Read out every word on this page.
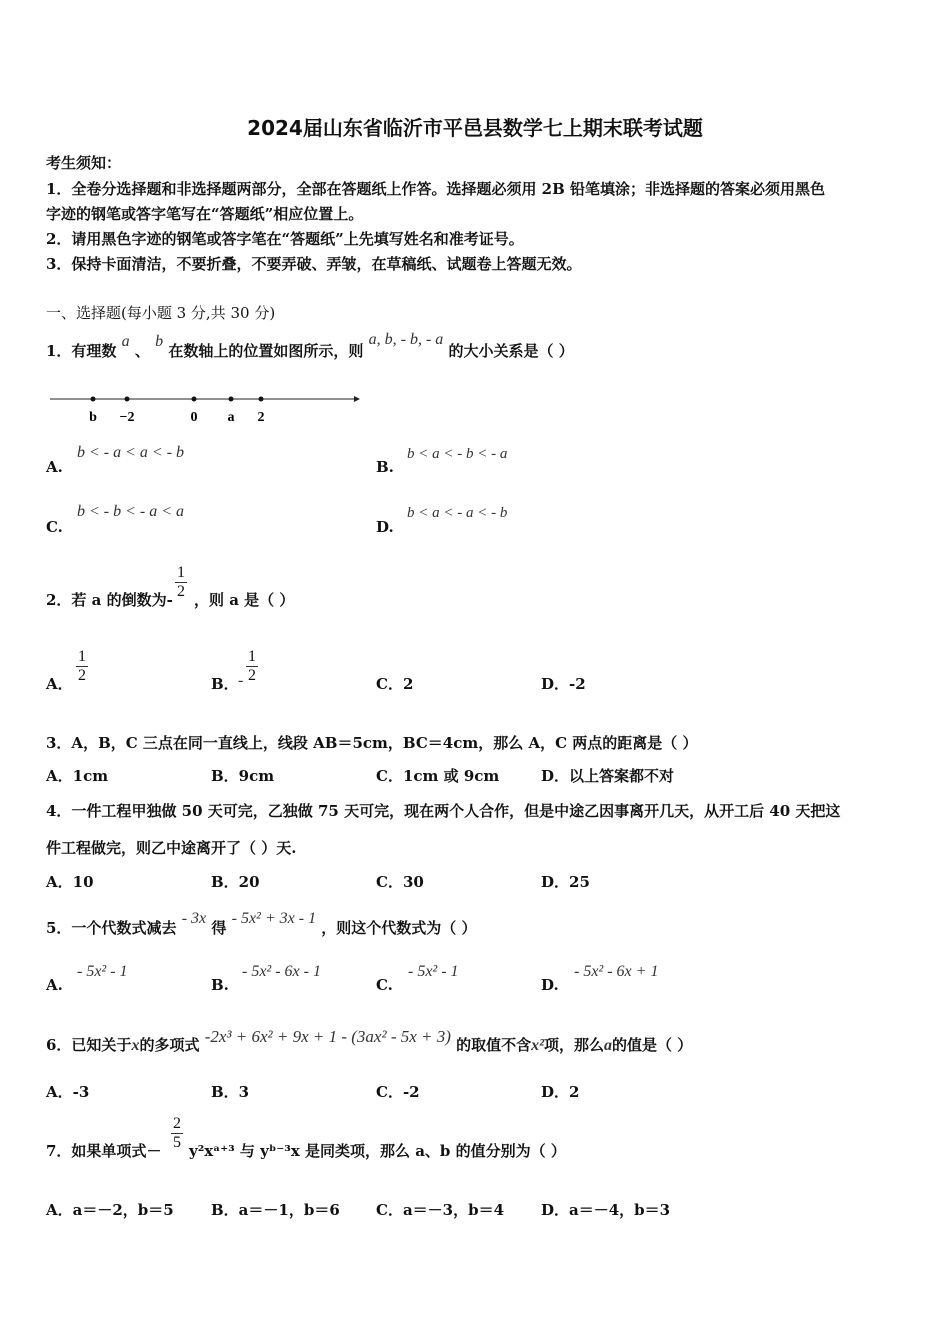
2024届山东省临沂市平邑县数学七上期末联考试题
考生须知：
1．全卷分选择题和非选择题两部分，全部在答题纸上作答。选择题必须用 2B 铅笔填涂；非选择题的答案必须用黑色
字迹的钢笔或答字笔写在“答题纸”相应位置上。
2．请用黑色字迹的钢笔或答字笔在“答题纸”上先填写姓名和准考证号。
3．保持卡面清洁，不要折叠，不要弄破、弄皱，在草稿纸、试题卷上答题无效。
一、选择题(每小题 3 分,共 30 分)
1．有理数 a 、 b 在数轴上的位置如图所示，则 a, b, - b, - a 的大小关系是（ ）
b −2	0 a 2
A.
b < - a < a < - b
B.
b < a < - b < - a
C.
b < - b < - a < a
D.
b < a < - a < - b
2．若 a 的倒数为- $\frac{1}{2}$ ，则 a 是（ ）
A． $\frac{1}{2}$	B． - $\frac{1}{2}$	C．2	D．-2
3．A，B，C 三点在同一直线上，线段 AB＝5cm，BC＝4cm，那么 A，C 两点的距离是（ ）
A．1cm	B．9cm	C．1cm 或 9cm	D．以上答案都不对
4．一件工程甲独做 50 天可完，乙独做 75 天可完，现在两个人合作，但是中途乙因事离开几天，从开工后 40 天把这
件工程做完，则乙中途离开了（ ）天.
A．10	B．20	C．30	D．25
5．一个代数式减去 - 3x 得 - 5x² + 3x - 1 ，则这个代数式为（ ）
A.
- 5x² - 1
B.
- 5x² - 6x - 1
C.
- 5x² - 1
D.
- 5x² - 6x + 1
6．已知关于x的多项式 -2x³ + 6x² + 9x + 1 - (3ax² - 5x + 3) 的取值不含x²项，那么a的值是（ ）
A．-3	B．3	C．-2	D．2
7．如果单项式－ $\frac{2}{5}$ y²xᵃ⁺³ 与 yᵇ⁻³x 是同类项，那么 a、b 的值分别为（ ）
A．a＝－2，b＝5 B．a＝－1，b＝6 C．a＝－3，b＝4 D．a＝－4，b＝3
